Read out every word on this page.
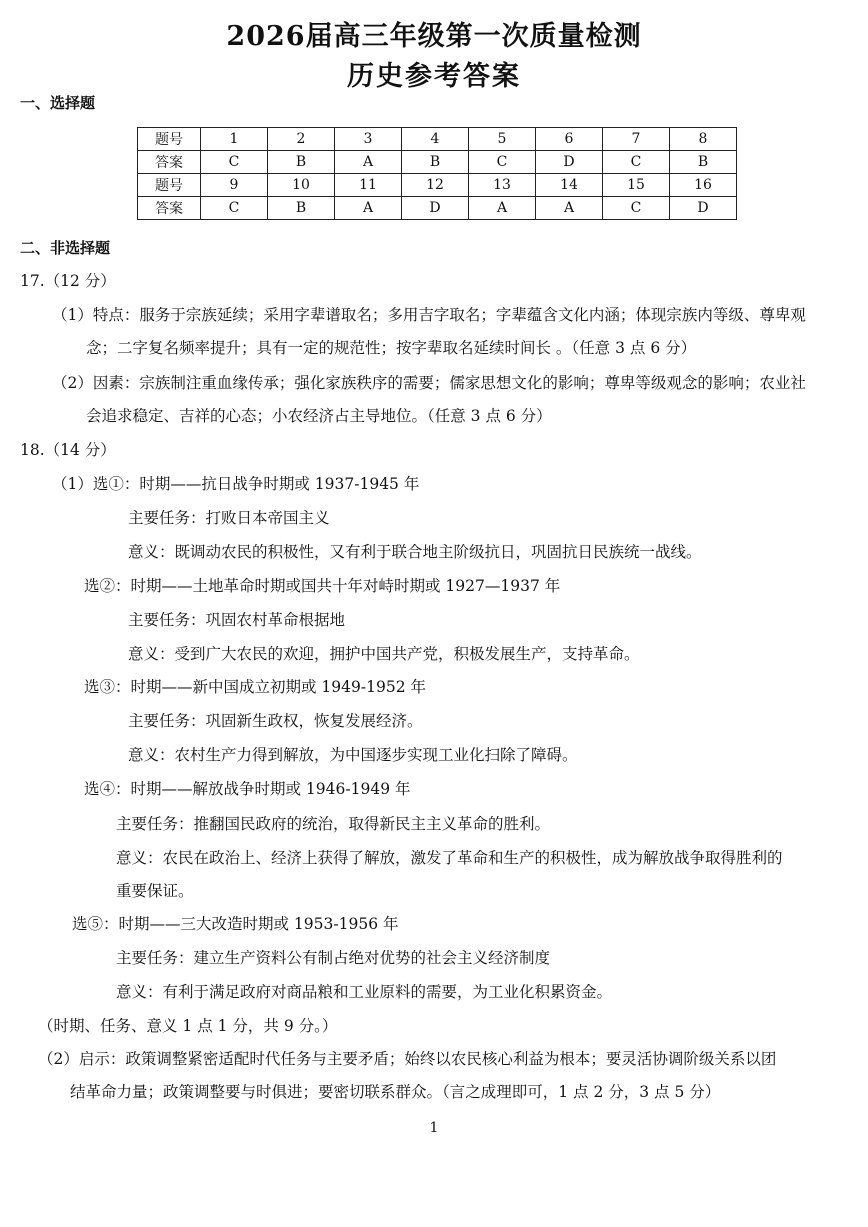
2026届高三年级第一次质量检测
历史参考答案
一、选择题
题号	1	2	3	4	5	6	7	8
答案	C	B	A	B	C	D	C	B
题号	9	10	11	12	13	14	15	16
答案	C	B	A	D	A	A	C	D
二、非选择题
17.（12 分）
（1）特点：服务于宗族延续；采用字辈谱取名；多用吉字取名；字辈蕴含文化内涵；体现宗族内等级、尊卑观
念；二字复名频率提升；具有一定的规范性；按字辈取名延续时间长 。（任意 3 点 6 分）
（2）因素：宗族制注重血缘传承；强化家族秩序的需要；儒家思想文化的影响；尊卑等级观念的影响；农业社
会追求稳定、吉祥的心态；小农经济占主导地位。（任意 3 点 6 分）
18.（14 分）
（1）选①：时期——抗日战争时期或 1937-1945 年
主要任务：打败日本帝国主义
意义：既调动农民的积极性，又有利于联合地主阶级抗日，巩固抗日民族统一战线。
选②：时期——土地革命时期或国共十年对峙时期或 1927—1937 年
主要任务：巩固农村革命根据地
意义：受到广大农民的欢迎，拥护中国共产党，积极发展生产，支持革命。
选③：时期——新中国成立初期或 1949-1952 年
主要任务：巩固新生政权，恢复发展经济。
意义：农村生产力得到解放，为中国逐步实现工业化扫除了障碍。
选④：时期——解放战争时期或 1946-1949 年
主要任务：推翻国民政府的统治，取得新民主主义革命的胜利。
意义：农民在政治上、经济上获得了解放，激发了革命和生产的积极性，成为解放战争取得胜利的
重要保证。
选⑤：时期——三大改造时期或 1953-1956 年
主要任务：建立生产资料公有制占绝对优势的社会主义经济制度
意义：有利于满足政府对商品粮和工业原料的需要，为工业化积累资金。
（时期、任务、意义 1 点 1 分，共 9 分。）
（2）启示：政策调整紧密适配时代任务与主要矛盾；始终以农民核心利益为根本；要灵活协调阶级关系以团
结革命力量；政策调整要与时俱进；要密切联系群众。（言之成理即可，1 点 2 分，3 点 5 分）
1
